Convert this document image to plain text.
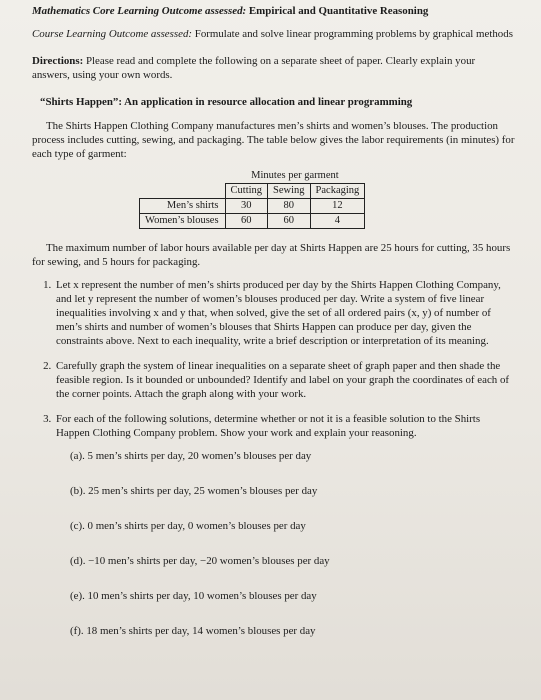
Mathematics Core Learning Outcome assessed: Empirical and Quantitative Reasoning
Course Learning Outcome assessed: Formulate and solve linear programming problems by graphical methods
Directions: Please read and complete the following on a separate sheet of paper. Clearly explain your answers, using your own words.
“Shirts Happen”: An application in resource allocation and linear programming
The Shirts Happen Clothing Company manufactures men’s shirts and women’s blouses. The production process includes cutting, sewing, and packaging. The table below gives the labor requirements (in minutes) for each type of garment:
	Minutes per garment		
	Cutting	Sewing	Packaging
Men’s shirts	30	80	12
Women’s blouses	60	60	4
The maximum number of labor hours available per day at Shirts Happen are 25 hours for cutting, 35 hours for sewing, and 5 hours for packaging.
1. Let x represent the number of men’s shirts produced per day by the Shirts Happen Clothing Company, and let y represent the number of women’s blouses produced per day. Write a system of five linear inequalities involving x and y that, when solved, give the set of all ordered pairs (x, y) of number of men’s shirts and number of women’s blouses that Shirts Happen can produce per day, given the constraints above. Next to each inequality, write a brief description or interpretation of its meaning.
2. Carefully graph the system of linear inequalities on a separate sheet of graph paper and then shade the feasible region. Is it bounded or unbounded? Identify and label on your graph the coordinates of each of the corner points. Attach the graph along with your work.
3. For each of the following solutions, determine whether or not it is a feasible solution to the Shirts Happen Clothing Company problem. Show your work and explain your reasoning.
(a). 5 men’s shirts per day, 20 women’s blouses per day
(b). 25 men’s shirts per day, 25 women’s blouses per day
(c). 0 men’s shirts per day, 0 women’s blouses per day
(d). −10 men’s shirts per day, −20 women’s blouses per day
(e). 10 men’s shirts per day, 10 women’s blouses per day
(f). 18 men’s shirts per day, 14 women’s blouses per day
